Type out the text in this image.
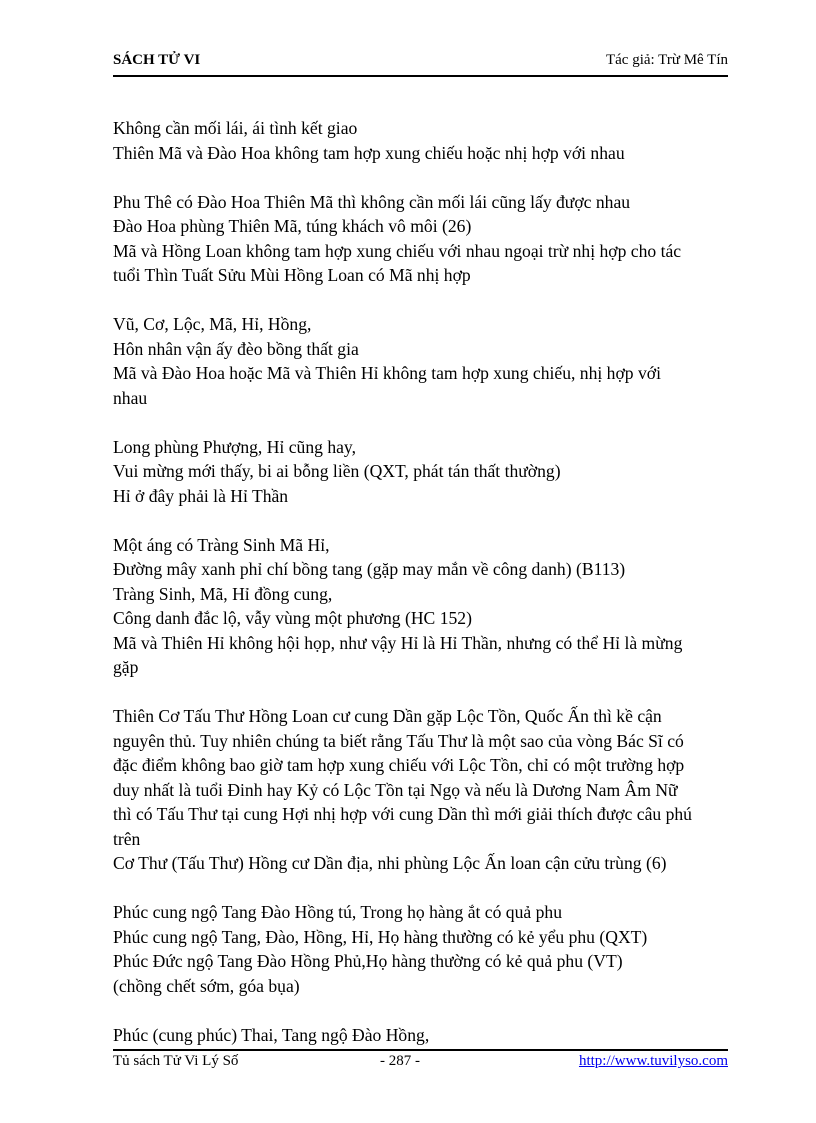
SÁCH TỬ VI	Tác giả: Trừ Mê Tín
Không cần mối lái, ái tình kết giao
Thiên Mã và Đào Hoa không tam hợp xung chiếu hoặc nhị hợp với nhau
Phu Thê có Đào Hoa Thiên Mã thì không cần mối lái cũng lấy được nhau
Đào Hoa phùng Thiên Mã, túng khách vô môi (26)
Mã và Hồng Loan không tam hợp xung chiếu với nhau ngoại trừ nhị hợp cho tác
tuổi Thìn Tuất Sửu Mùi Hồng Loan có Mã nhị hợp
Vũ, Cơ, Lộc, Mã, Hỉ, Hồng,
Hôn nhân vận ấy đèo bồng thất gia
Mã và Đào Hoa hoặc Mã và Thiên Hỉ không tam hợp xung chiếu, nhị hợp với
nhau
Long phùng Phượng, Hỉ cũng hay,
Vui mừng mới thấy, bi ai bỗng liền (QXT, phát tán thất thường)
Hỉ ở đây phải là Hỉ Thần
Một áng có Tràng Sinh Mã Hỉ,
Đường mây xanh phỉ chí bồng tang (gặp may mắn về công danh) (B113)
Tràng Sinh, Mã, Hỉ đồng cung,
Công danh đắc lộ, vẫy vùng một phương (HC 152)
Mã và Thiên Hỉ không hội họp, như vậy Hỉ là Hỉ Thần, nhưng có thể Hỉ là mừng
gặp
Thiên Cơ Tấu Thư Hồng Loan cư cung Dần gặp Lộc Tồn, Quốc Ấn thì kề cận
nguyên thủ. Tuy nhiên chúng ta biết rằng Tấu Thư là một sao của vòng Bác Sĩ có
đặc điểm không bao giờ tam hợp xung chiếu với Lộc Tồn, chỉ có một trường hợp
duy nhất là tuổi Đinh hay Kỷ có Lộc Tồn tại Ngọ và nếu là Dương Nam Âm Nữ
thì có Tấu Thư tại cung Hợi nhị hợp với cung Dần thì mới giải thích được câu phú
trên
Cơ Thư (Tấu Thư) Hồng cư Dần địa, nhi phùng Lộc Ấn loan cận cửu trùng (6)
Phúc cung ngộ Tang Đào Hồng tú, Trong họ hàng ắt có quả phu
Phúc cung ngộ Tang, Đào, Hồng, Hỉ, Họ hàng thường có kẻ yểu phu (QXT)
Phúc Đức ngộ Tang Đào Hồng Phủ,Họ hàng thường có kẻ quả phu (VT)
(chồng chết sớm, góa bụa)
Phúc (cung phúc) Thai, Tang ngộ Đào Hồng,
Tủ sách Tử Vi Lý Số	- 287 -	http://www.tuvilyso.com
